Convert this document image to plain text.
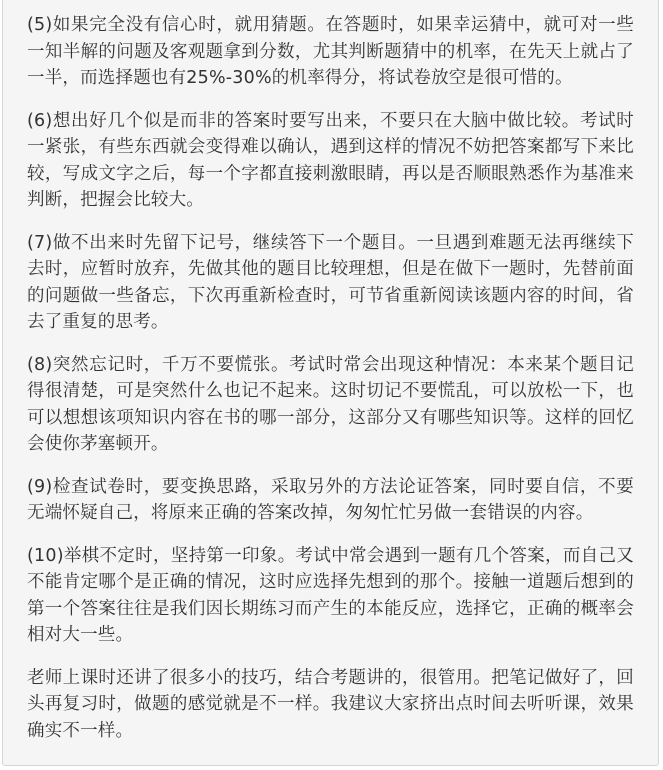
(5)如果完全没有信心时，就用猜题。在答题时，如果幸运猜中，就可对一些一知半解的问题及客观题拿到分数，尤其判断题猜中的机率，在先天上就占了一半，而选择题也有25%-30%的机率得分，将试卷放空是很可惜的。

(6)想出好几个似是而非的答案时要写出来，不要只在大脑中做比较。考试时一紧张，有些东西就会变得难以确认，遇到这样的情况不妨把答案都写下来比较，写成文字之后，每一个字都直接刺激眼睛，再以是否顺眼熟悉作为基准来判断，把握会比较大。

(7)做不出来时先留下记号，继续答下一个题目。一旦遇到难题无法再继续下去时，应暂时放弃，先做其他的题目比较理想，但是在做下一题时，先替前面的问题做一些备忘，下次再重新检查时，可节省重新阅读该题内容的时间，省去了重复的思考。

(8)突然忘记时，千万不要慌张。考试时常会出现这种情况：本来某个题目记得很清楚，可是突然什么也记不起来。这时切记不要慌乱，可以放松一下，也可以想想该项知识内容在书的哪一部分，这部分又有哪些知识等。这样的回忆会使你茅塞顿开。

(9)检查试卷时，要变换思路，采取另外的方法论证答案，同时要自信，不要无端怀疑自己，将原来正确的答案改掉，匆匆忙忙另做一套错误的内容。

(10)举棋不定时，坚持第一印象。考试中常会遇到一题有几个答案，而自己又不能肯定哪个是正确的情况，这时应选择先想到的那个。接触一道题后想到的第一个答案往往是我们因长期练习而产生的本能反应，选择它，正确的概率会相对大一些。

老师上课时还讲了很多小的技巧，结合考题讲的，很管用。把笔记做好了，回头再复习时，做题的感觉就是不一样。我建议大家挤出点时间去听听课，效果确实不一样。
